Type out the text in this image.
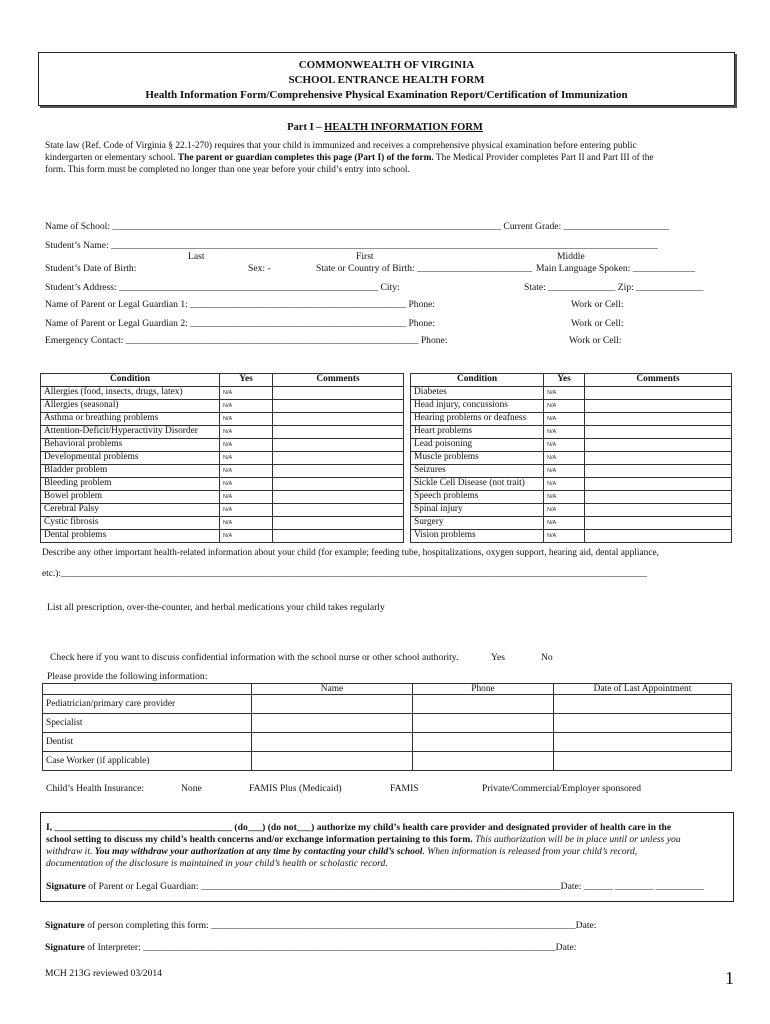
COMMONWEALTH OF VIRGINIA
SCHOOL ENTRANCE HEALTH FORM
Health Information Form/Comprehensive Physical Examination Report/Certification of Immunization
Part I – HEALTH INFORMATION FORM
State law (Ref. Code of Virginia § 22.1-270) requires that your child is immunized and receives a comprehensive physical examination before entering public
kindergarten or elementary school. The parent or guardian completes this page (Part I) of the form. The Medical Provider completes Part II and Part III of the
form. This form must be completed no longer than one year before your child’s entry into school.
Name of School: _________________________________________________________________________________ Current Grade: ______________________
Student’s Name: __________________________________________________________________________________________________________________
Last	First	Middle
Student’s Date of Birth:	Sex: -	State or Country of Birth: ________________________ Main Language Spoken: _____________
Student’s Address: ______________________________________________________ City:	State: ______________ Zip: ______________
Name of Parent or Legal Guardian 1: _____________________________________________ Phone:	Work or Cell:
Name of Parent or Legal Guardian 2: _____________________________________________ Phone:	Work or Cell:
Emergency Contact: _____________________________________________________________ Phone:	Work or Cell:
Condition	Yes	Comments
Allergies (food, insects, drugs, latex)	N/A	
Allergies (seasonal)	N/A	
Asthma or breathing problems	N/A	
Attention-Deficit/Hyperactivity Disorder	N/A	
Behavioral problems	N/A	
Developmental problems	N/A	
Bladder problem	N/A	
Bleeding problem	N/A	
Bowel problem	N/A	
Cerebral Palsy	N/A	
Cystic fibrosis	N/A	
Dental problems	N/A	
Condition	Yes	Comments
Diabetes	N/A	
Head injury, concussions	N/A	
Hearing problems or deafness	N/A	
Heart problems	N/A	
Lead poisoning	N/A	
Muscle problems	N/A	
Seizures	N/A	
Sickle Cell Disease (not trait)	N/A	
Speech problems	N/A	
Spinal injury	N/A	
Surgery	N/A	
Vision problems	N/A	
Describe any other important health-related information about your child (for example; feeding tube, hospitalizations, oxygen support, hearing aid, dental appliance,
etc.):_____________________________________________________________________________________________________________________________
List all prescription, over-the-counter, and herbal medications your child takes regularly
Check here if you want to discuss confidential information with the school nurse or other school authority.	Yes	No
Please provide the following information:
	Name	Phone	Date of Last Appointment
Pediatrician/primary care provider			
Specialist			
Dentist			
Case Worker (if applicable)			
Child’s Health Insurance:	None	FAMIS Plus (Medicaid)	FAMIS	Private/Commercial/Employer sponsored
I, _____________________________________ (do___) (do not___) authorize my child’s health care provider and designated provider of health care in the
school setting to discuss my child’s health concerns and/or exchange information pertaining to this form. This authorization will be in place until or unless you
withdraw it. You may withdraw your authorization at any time by contacting your child’s school. When information is released from your child’s record,
documentation of the disclosure is maintained in your child’s health or scholastic record.
Signature of Parent or Legal Guardian: ___________________________________________________________________________Date: ______ ________ __________
Signature of person completing this form: ____________________________________________________________________________Date:
Signature of Interpreter: ______________________________________________________________________________________Date:
MCH 213G reviewed 03/2014	1
